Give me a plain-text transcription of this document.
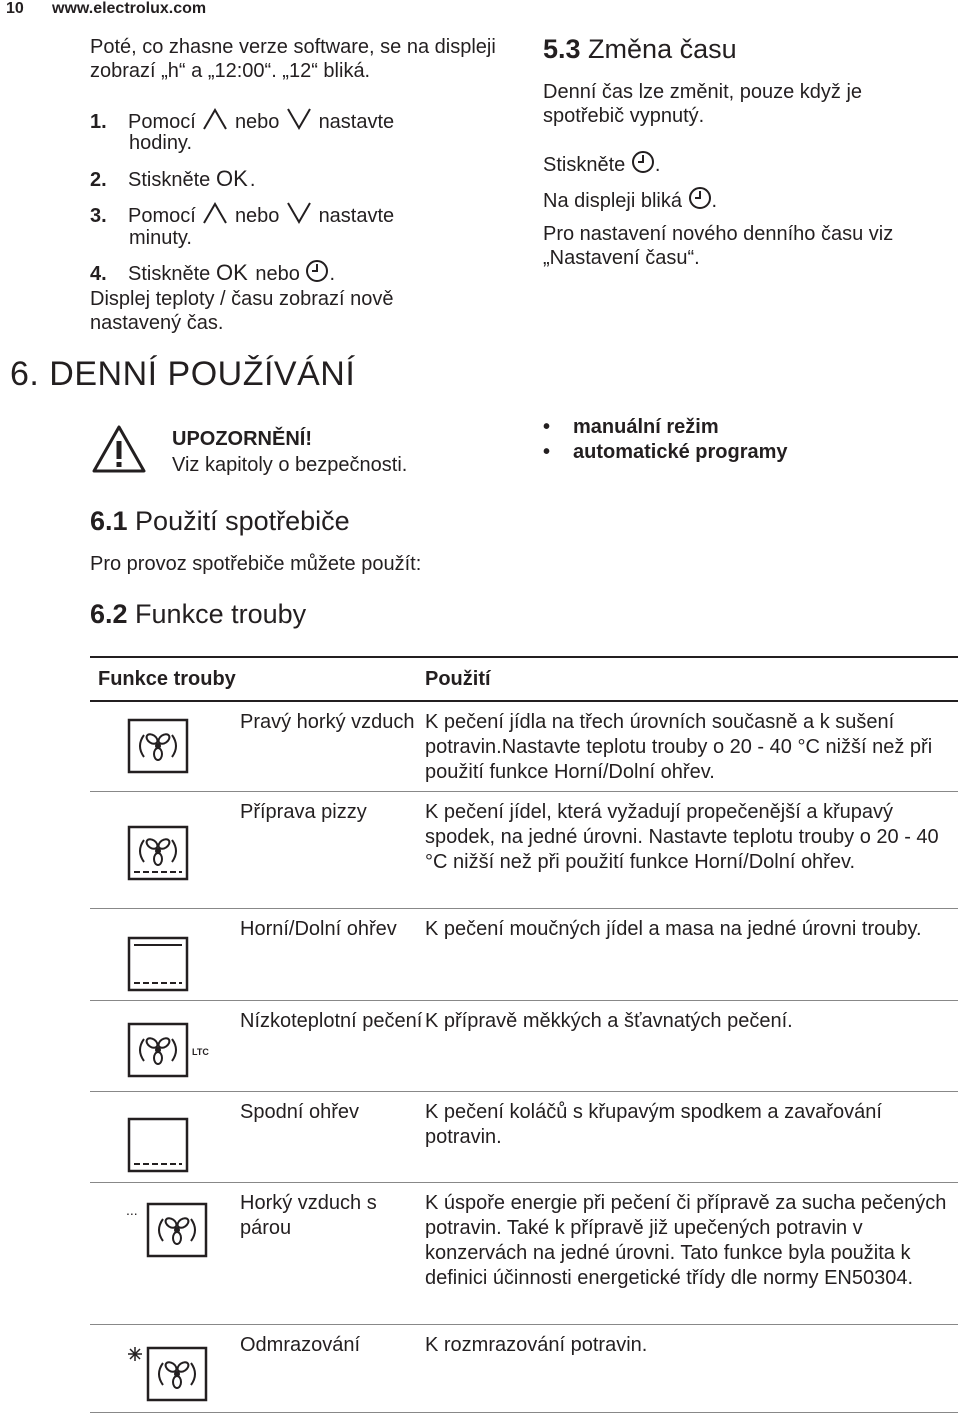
10 www.electrolux.com
Poté, co zhasne verze software, se na displeji zobrazí „h“ a „12:00“. „12“ bliká.
1. Pomocí nebo nastavte
hodiny.
2. Stiskněte OK .
3. Pomocí nebo nastavte
minuty.
4. Stiskněte OK nebo .
Displej teploty / času zobrazí nově nastavený čas.
6. DENNÍ POUŽÍVÁNÍ
UPOZORNĚNÍ!
Viz kapitoly o bezpečnosti.
6.1 Použití spotřebiče
Pro provoz spotřebiče můžete použít:
6.2 Funkce trouby
5.3 Změna času
Denní čas lze změnit, pouze když je spotřebič vypnutý.
Stiskněte .
Na displeji bliká .
Pro nastavení nového denního času viz „Nastavení času“.
• manuální režim
• automatické programy
Funkce trouby		Použití
	Pravý horký vzduch	K pečení jídla na třech úrovních současně a k sušení potravin.Nastavte teplotu trouby o 20 - 40 °C nižší než při použití funkce Horní/Dolní ohřev.
	Příprava pizzy	K pečení jídel, která vyžadují propečenější a křupavý spodek, na jedné úrovni. Nastavte teplotu trouby o 20 - 40 °C nižší než při použití funkce Horní/Dolní ohřev.
	Horní/Dolní ohřev	K pečení moučných jídel a masa na jedné úrovni trouby.

LTC	Nízkoteplotní pečení	K přípravě měkkých a šťavnatých pečení.
	Spodní ohřev	K pečení koláčů s křupavým spodkem a zavařování potravin.

...	Horký vzduch s párou	K úspoře energie při pečení či přípravě za sucha pečených potravin. Také k přípravě již upečených potravin v konzervách na jedné úrovni. Tato funkce byla použita k definici účinnosti energetické třídy dle normy EN50304.
	Odmrazování	K rozmrazování potravin.
